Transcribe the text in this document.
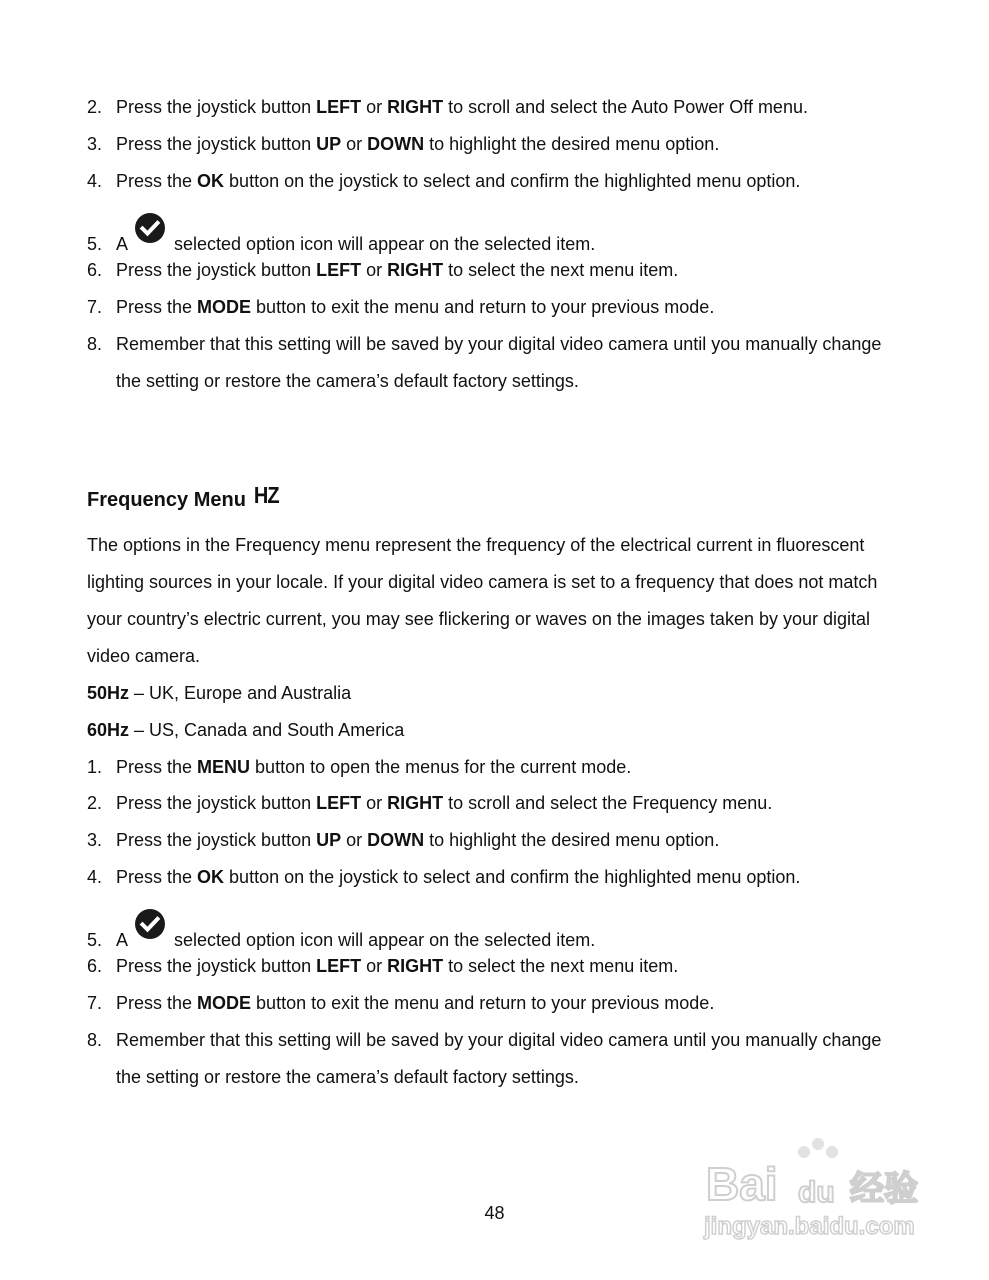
2. Press the joystick button LEFT or RIGHT to scroll and select the Auto Power Off menu.
3. Press the joystick button UP or DOWN to highlight the desired menu option.
4. Press the OK button on the joystick to select and confirm the highlighted menu option.
5. A	selected option icon will appear on the selected item.
6. Press the joystick button LEFT or RIGHT to select the next menu item.
7. Press the MODE button to exit the menu and return to your previous mode.
8. Remember that this setting will be saved by your digital video camera until you manually change
the setting or restore the camera’s default factory settings.
Frequency Menu HZ
The options in the Frequency menu represent the frequency of the electrical current in fluorescent
lighting sources in your locale. If your digital video camera is set to a frequency that does not match
your country’s electric current, you may see flickering or waves on the images taken by your digital
video camera.
50Hz – UK, Europe and Australia
60Hz – US, Canada and South America
1. Press the MENU button to open the menus for the current mode.
2. Press the joystick button LEFT or RIGHT to scroll and select the Frequency menu.
3. Press the joystick button UP or DOWN to highlight the desired menu option.
4. Press the OK button on the joystick to select and confirm the highlighted menu option.
5. A	selected option icon will appear on the selected item.
6. Press the joystick button LEFT or RIGHT to select the next menu item.
7. Press the MODE button to exit the menu and return to your previous mode.
8. Remember that this setting will be saved by your digital video camera until you manually change
the setting or restore the camera’s default factory settings.
48
Bai du 经验
jingyan.baidu.com
